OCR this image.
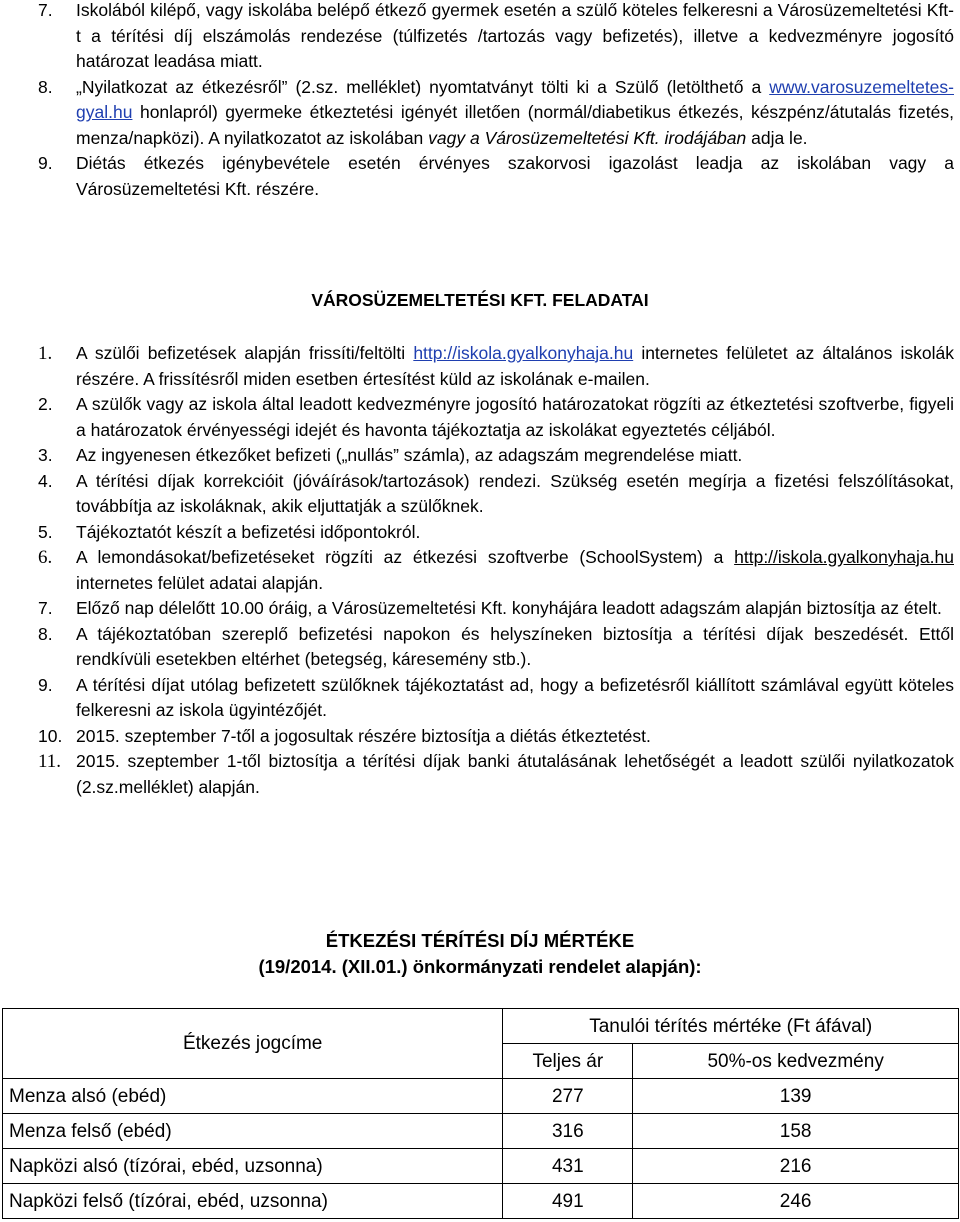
7. Iskolából kilépő, vagy iskolába belépő étkező gyermek esetén a szülő köteles felkeresni a Városüzemeltetési Kft-t a térítési díj elszámolás rendezése (túlfizetés /tartozás vagy befizetés), illetve a kedvezményre jogosító határozat leadása miatt.
8. „Nyilatkozat az étkezésről” (2.sz. melléklet) nyomtatványt tölti ki a Szülő (letölthető a www.varosuzemeltetes-gyal.hu honlapról) gyermeke étkeztetési igényét illetően (normál/diabetikus étkezés, készpénz/átutalás fizetés, menza/napközi). A nyilatkozatot az iskolában vagy a Városüzemeltetési Kft. irodájában adja le.
9. Diétás étkezés igénybevétele esetén érvényes szakorvosi igazolást leadja az iskolában vagy a Városüzemeltetési Kft. részére.
VÁROSÜZEMELTETÉSI KFT. FELADATAI
1. A szülői befizetések alapján frissíti/feltölti http://iskola.gyalkonyhaja.hu internetes felületet az általános iskolák részére. A frissítésről miden esetben értesítést küld az iskolának e-mailen.
2. A szülők vagy az iskola által leadott kedvezményre jogosító határozatokat rögzíti az étkeztetési szoftverbe, figyeli a határozatok érvényességi idejét és havonta tájékoztatja az iskolákat egyeztetés céljából.
3. Az ingyenesen étkezőket befizeti („nullás” számla), az adagszám megrendelése miatt.
4. A térítési díjak korrekcióit (jóváírások/tartozások) rendezi. Szükség esetén megírja a fizetési felszólításokat, továbbítja az iskoláknak, akik eljuttatják a szülőknek.
5. Tájékoztatót készít a befizetési időpontokról.
6. A lemondásokat/befizetéseket rögzíti az étkezési szoftverbe (SchoolSystem) a http://iskola.gyalkonyhaja.hu internetes felület adatai alapján.
7. Előző nap délelőtt 10.00 óráig, a Városüzemeltetési Kft. konyhájára leadott adagszám alapján biztosítja az ételt.
8. A tájékoztatóban szereplő befizetési napokon és helyszíneken biztosítja a térítési díjak beszedését. Ettől rendkívüli esetekben eltérhet (betegség, káresemény stb.).
9. A térítési díjat utólag befizetett szülőknek tájékoztatást ad, hogy a befizetésről kiállított számlával együtt köteles felkeresni az iskola ügyintézőjét.
10. 2015. szeptember 7-től a jogosultak részére biztosítja a diétás étkeztetést.
11. 2015. szeptember 1-től biztosítja a térítési díjak banki átutalásának lehetőségét a leadott szülői nyilatkozatok (2.sz.melléklet) alapján.
ÉTKEZÉSI TÉRÍTÉSI DÍJ MÉRTÉKE
(19/2014. (XII.01.) önkormányzati rendelet alapján):
Étkezés jogcíme	Tanulói térítés mértéke (Ft áfával)	
	Teljes ár	50%-os kedvezmény
Menza alsó (ebéd)	277	139
Menza felső (ebéd)	316	158
Napközi alsó (tízórai, ebéd, uzsonna)	431	216
Napközi felső (tízórai, ebéd, uzsonna)	491	246
